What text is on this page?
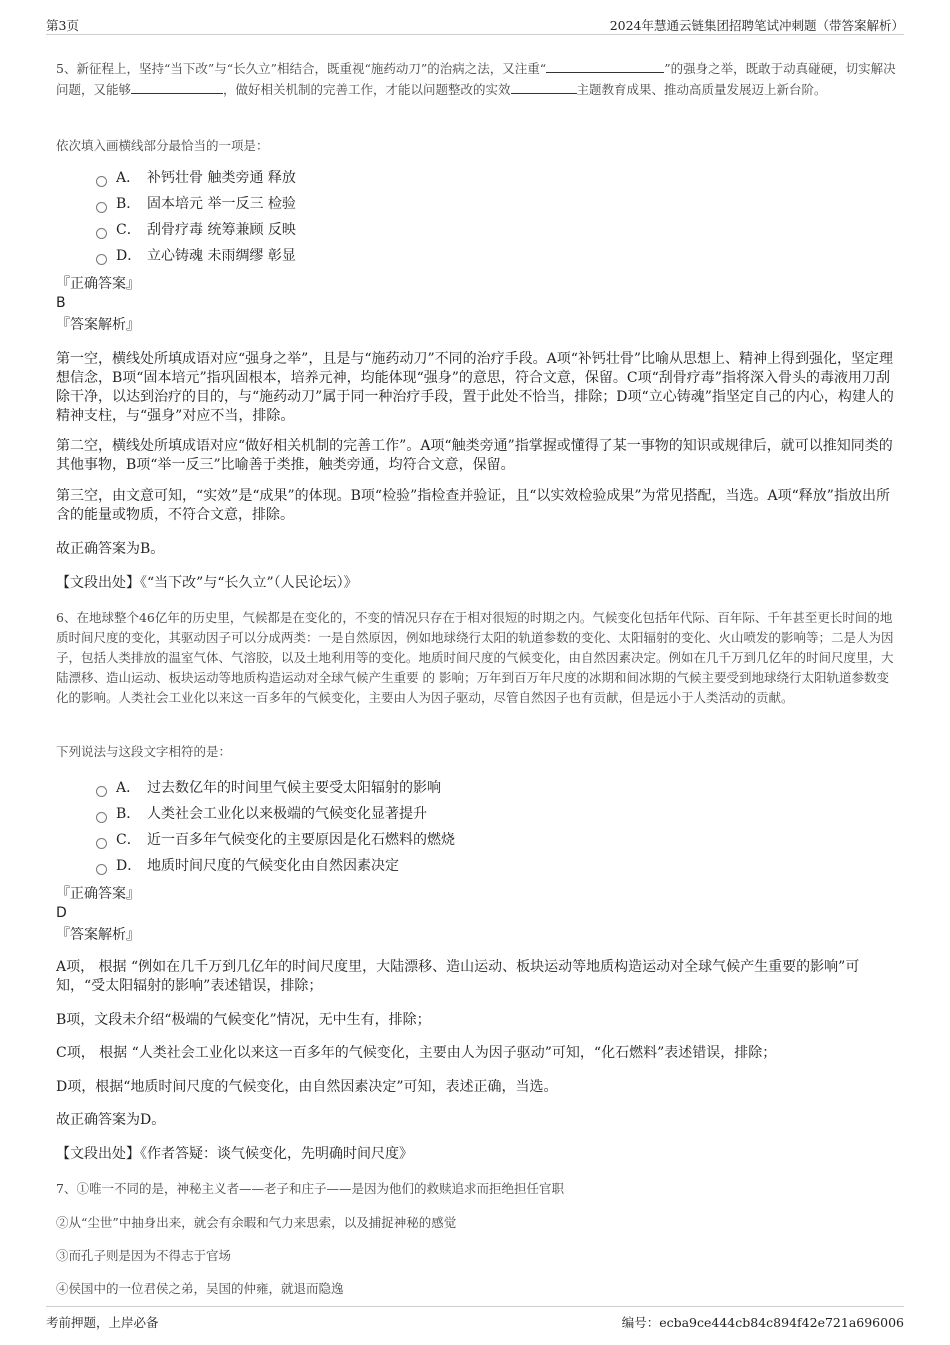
第3页	2024年慧通云链集团招聘笔试冲刺题（带答案解析）

5、新征程上，坚持“当下改”与“长久立”相结合，既重视“施药动刀”的治病之法，又注重“	”的强身之举，既敢于动真碰硬，切实解决问题，又能够	，做好相关机制的完善工作，才能以问题整改的实效	主题教育成果、推动高质量发展迈上新台阶。

依次填入画横线部分最恰当的一项是：

A． 补钙壮骨 触类旁通 释放
B． 固本培元 举一反三 检验
C． 刮骨疗毒 统筹兼顾 反映
D． 立心铸魂 未雨绸缪 彰显

『正确答案』

B

『答案解析』

第一空，横线处所填成语对应“强身之举”，且是与“施药动刀”不同的治疗手段。A项“补钙壮骨”比喻从思想上、精神上得到强化，坚定理想信念，B项“固本培元”指巩固根本，培养元神，均能体现“强身”的意思，符合文意，保留。C项“刮骨疗毒”指将深入骨头的毒液用刀刮除干净，以达到治疗的目的，与“施药动刀”属于同一种治疗手段，置于此处不恰当，排除；D项“立心铸魂”指坚定自己的内心，构建人的精神支柱，与“强身”对应不当，排除。

第二空，横线处所填成语对应“做好相关机制的完善工作”。A项“触类旁通”指掌握或懂得了某一事物的知识或规律后，就可以推知同类的其他事物，B项“举一反三”比喻善于类推，触类旁通，均符合文意，保留。

第三空，由文意可知，“实效”是“成果”的体现。B项“检验”指检查并验证，且“以实效检验成果”为常见搭配，当选。A项“释放”指放出所含的能量或物质，不符合文意，排除。

故正确答案为B。

【文段出处】《“当下改”与“长久立”（人民论坛）》

6、在地球整个46亿年的历史里，气候都是在变化的，不变的情况只存在于相对很短的时期之内。气候变化包括年代际、百年际、千年甚至更长时间的地质时间尺度的变化，其驱动因子可以分成两类：一是自然原因，例如地球绕行太阳的轨道参数的变化、太阳辐射的变化、火山喷发的影响等；二是人为因子，包括人类排放的温室气体、气溶胶，以及土地利用等的变化。地质时间尺度的气候变化，由自然因素决定。例如在几千万到几亿年的时间尺度里，大陆漂移、造山运动、板块运动等地质构造运动对全球气候产生重要 的 影响；万年到百万年尺度的冰期和间冰期的气候主要受到地球绕行太阳轨道参数变化的影响。人类社会工业化以来这一百多年的气候变化，主要由人为因子驱动，尽管自然因子也有贡献，但是远小于人类活动的贡献。

下列说法与这段文字相符的是：

A． 过去数亿年的时间里气候主要受太阳辐射的影响
B． 人类社会工业化以来极端的气候变化显著提升
C． 近一百多年气候变化的主要原因是化石燃料的燃烧
D． 地质时间尺度的气候变化由自然因素决定

『正确答案』

D

『答案解析』

A项， 根据 “例如在几千万到几亿年的时间尺度里，大陆漂移、造山运动、板块运动等地质构造运动对全球气候产生重要的影响”可知，“受太阳辐射的影响”表述错误，排除；

B项，文段未介绍“极端的气候变化”情况，无中生有，排除；

C项， 根据 “人类社会工业化以来这一百多年的气候变化，主要由人为因子驱动”可知，“化石燃料”表述错误，排除；

D项，根据“地质时间尺度的气候变化，由自然因素决定”可知，表述正确，当选。

故正确答案为D。

【文段出处】《作者答疑：谈气候变化，先明确时间尺度》

7、①唯一不同的是，神秘主义者——老子和庄子——是因为他们的救赎追求而拒绝担任官职

②从“尘世”中抽身出来，就会有余暇和气力来思索，以及捕捉神秘的感觉

③而孔子则是因为不得志于官场

④侯国中的一位君侯之弟，吴国的仲雍，就退而隐逸

考前押题，上岸必备	编号：ecba9ce444cb84c894f42e721a696006
